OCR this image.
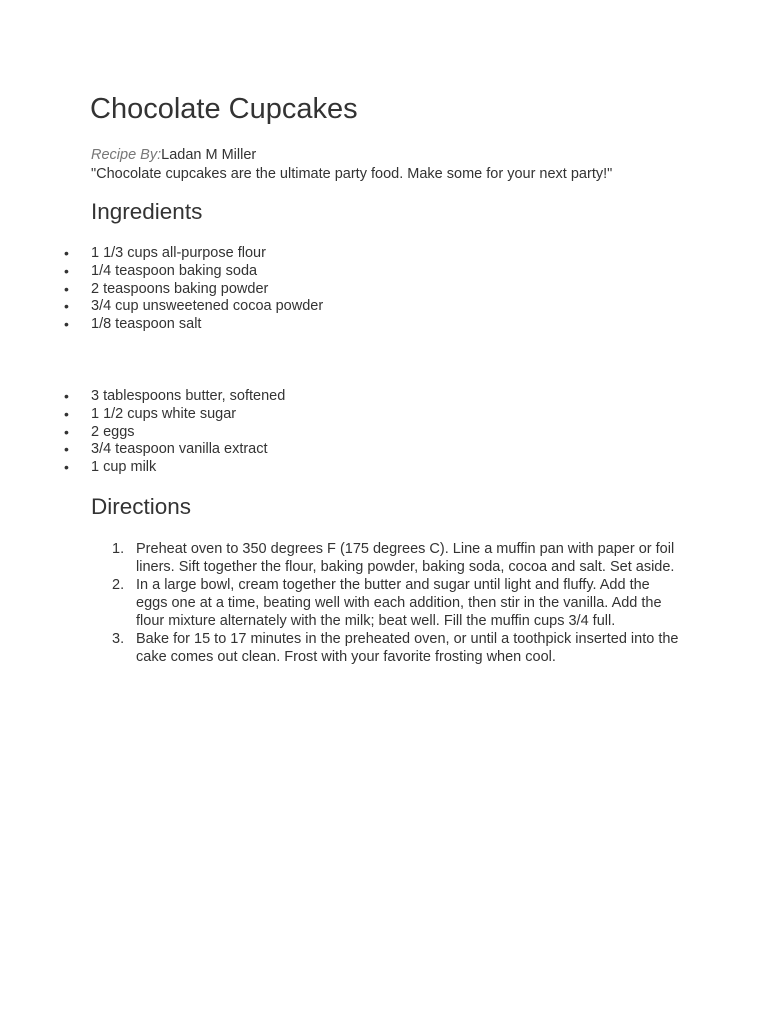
Chocolate Cupcakes
Recipe By:Ladan M Miller
"Chocolate cupcakes are the ultimate party food. Make some for your next party!"
Ingredients
• 1 1/3 cups all-purpose flour
• 1/4 teaspoon baking soda
• 2 teaspoons baking powder
• 3/4 cup unsweetened cocoa powder
• 1/8 teaspoon salt
• 3 tablespoons butter, softened
• 1 1/2 cups white sugar
• 2 eggs
• 3/4 teaspoon vanilla extract
• 1 cup milk
Directions
1. Preheat oven to 350 degrees F (175 degrees C). Line a muffin pan with paper or foil liners. Sift together the flour, baking powder, baking soda, cocoa and salt. Set aside.
2. In a large bowl, cream together the butter and sugar until light and fluffy. Add the eggs one at a time, beating well with each addition, then stir in the vanilla. Add the flour mixture alternately with the milk; beat well. Fill the muffin cups 3/4 full.
3. Bake for 15 to 17 minutes in the preheated oven, or until a toothpick inserted into the cake comes out clean. Frost with your favorite frosting when cool.
